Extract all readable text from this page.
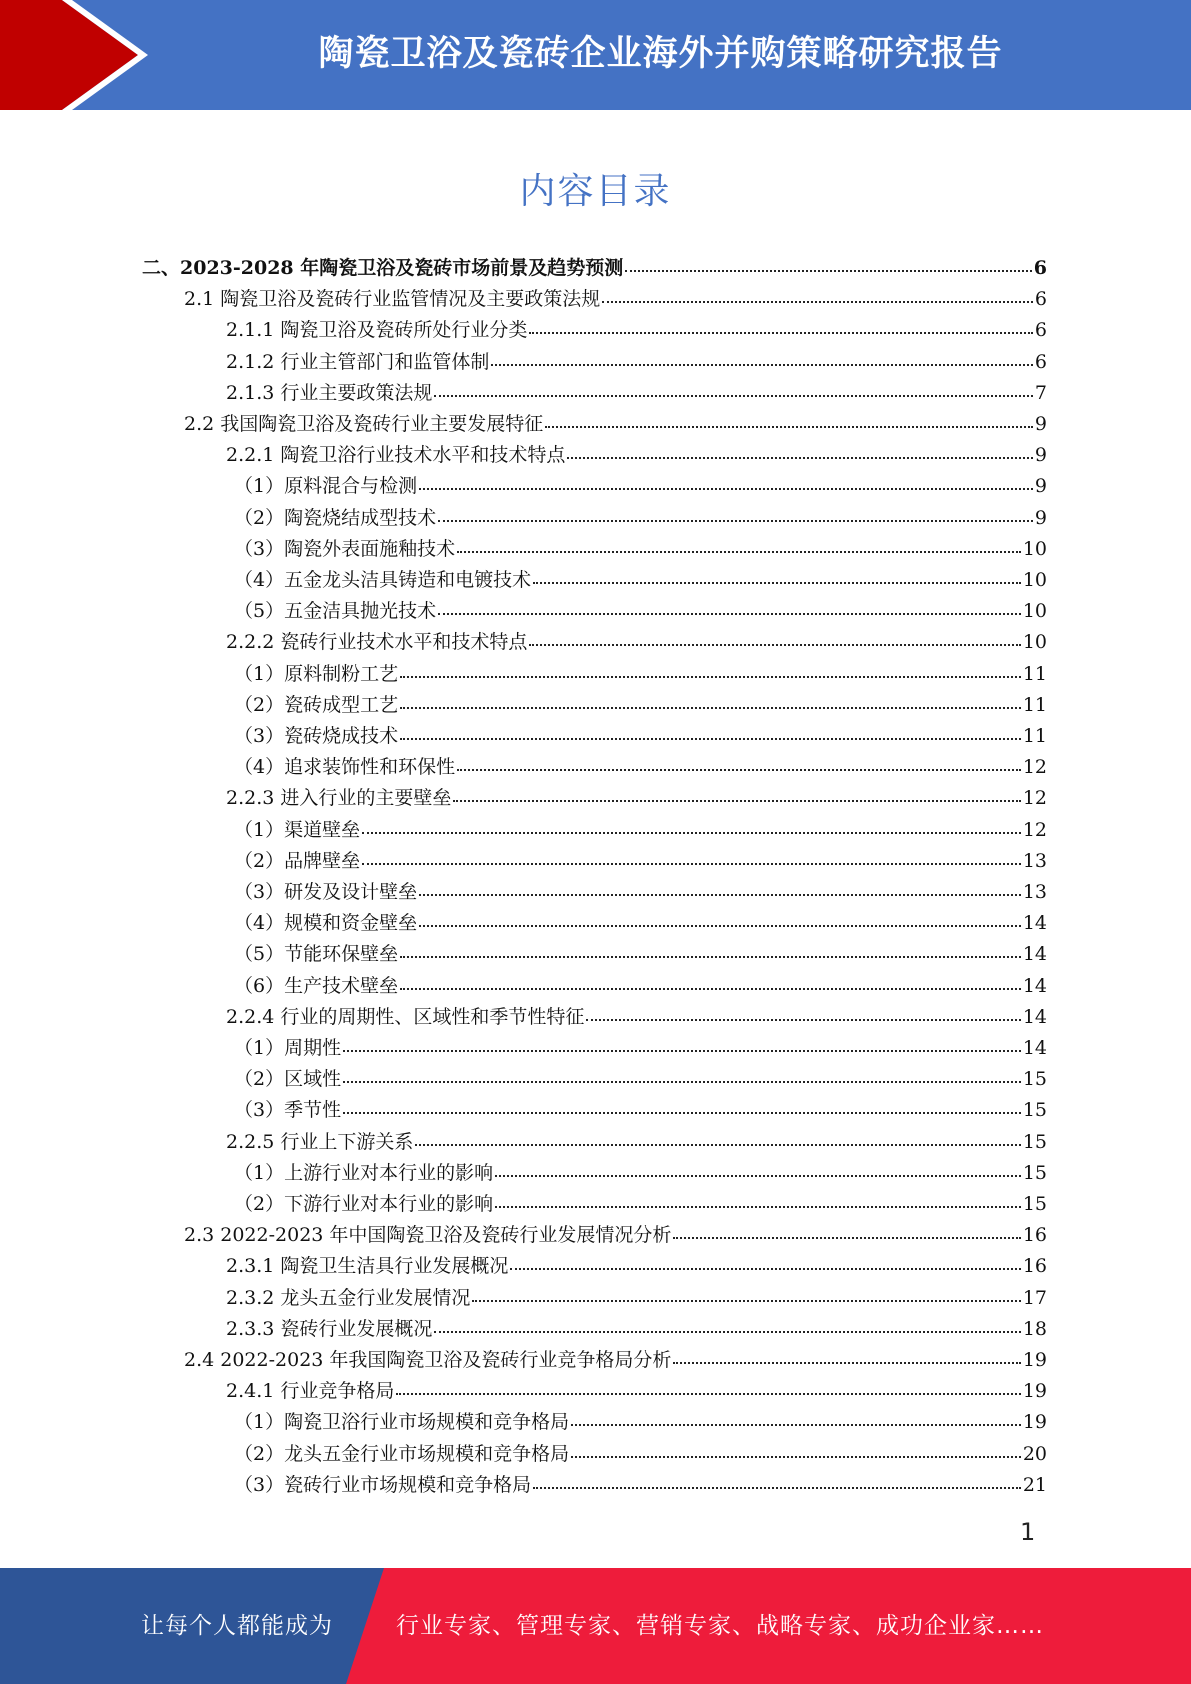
陶瓷卫浴及瓷砖企业海外并购策略研究报告
内容目录
二、2023-2028 年陶瓷卫浴及瓷砖市场前景及趋势预测	6
2.1 陶瓷卫浴及瓷砖行业监管情况及主要政策法规	6
2.1.1 陶瓷卫浴及瓷砖所处行业分类	6
2.1.2 行业主管部门和监管体制	6
2.1.3 行业主要政策法规	7
2.2 我国陶瓷卫浴及瓷砖行业主要发展特征	9
2.2.1 陶瓷卫浴行业技术水平和技术特点	9
（1）原料混合与检测	9
（2）陶瓷烧结成型技术	9
（3）陶瓷外表面施釉技术	10
（4）五金龙头洁具铸造和电镀技术	10
（5）五金洁具抛光技术	10
2.2.2 瓷砖行业技术水平和技术特点	10
（1）原料制粉工艺	11
（2）瓷砖成型工艺	11
（3）瓷砖烧成技术	11
（4）追求装饰性和环保性	12
2.2.3 进入行业的主要壁垒	12
（1）渠道壁垒	12
（2）品牌壁垒	13
（3）研发及设计壁垒	13
（4）规模和资金壁垒	14
（5）节能环保壁垒	14
（6）生产技术壁垒	14
2.2.4 行业的周期性、区域性和季节性特征	14
（1）周期性	14
（2）区域性	15
（3）季节性	15
2.2.5 行业上下游关系	15
（1）上游行业对本行业的影响	15
（2）下游行业对本行业的影响	15
2.3 2022-2023 年中国陶瓷卫浴及瓷砖行业发展情况分析	16
2.3.1 陶瓷卫生洁具行业发展概况	16
2.3.2 龙头五金行业发展情况	17
2.3.3 瓷砖行业发展概况	18
2.4 2022-2023 年我国陶瓷卫浴及瓷砖行业竞争格局分析	19
2.4.1 行业竞争格局	19
（1）陶瓷卫浴行业市场规模和竞争格局	19
（2）龙头五金行业市场规模和竞争格局	20
（3）瓷砖行业市场规模和竞争格局	21
1
让每个人都能成为	行业专家、管理专家、营销专家、战略专家、成功企业家……
